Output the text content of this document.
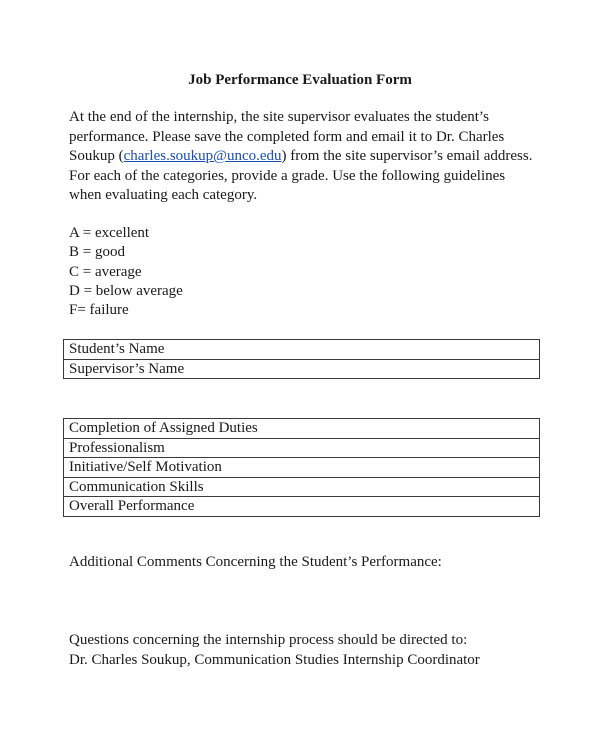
Job Performance Evaluation Form

At the end of the internship, the site supervisor evaluates the student’s performance. Please save the completed form and email it to Dr. Charles Soukup (charles.soukup@unco.edu) from the site supervisor’s email address. For each of the categories, provide a grade. Use the following guidelines when evaluating each category.

A = excellent
B = good
C = average
D = below average
F= failure
Student’s Name
Supervisor’s Name
Completion of Assigned Duties
Professionalism
Initiative/Self Motivation
Communication Skills
Overall Performance

Additional Comments Concerning the Student’s Performance:

Questions concerning the internship process should be directed to:
Dr. Charles Soukup, Communication Studies Internship Coordinator
